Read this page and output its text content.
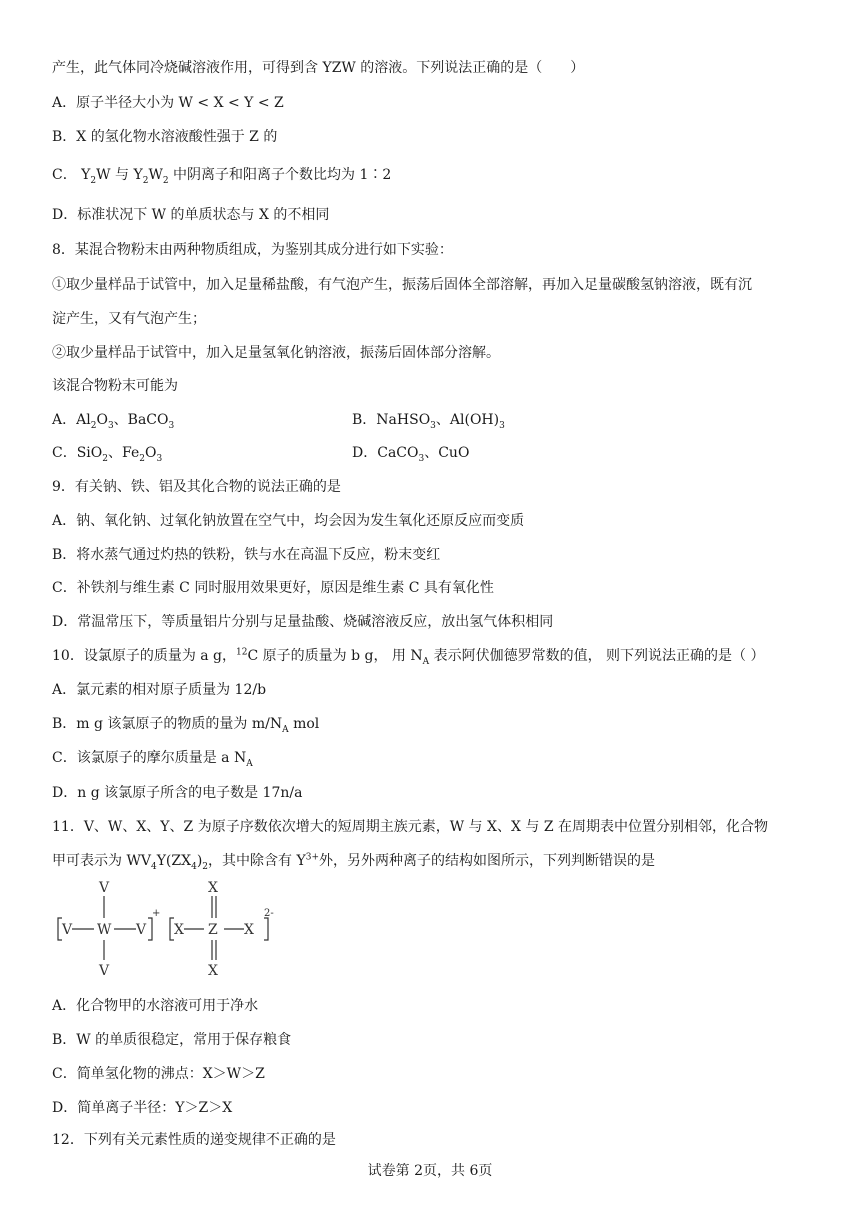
产生，此气体同冷烧碱溶液作用，可得到含 YZW 的溶液。下列说法正确的是（　　）
A．原子半径大小为 W < X < Y < Z
B．X 的氢化物水溶液酸性强于 Z 的
C． $Y_2W$ 与 $Y_2W_2$ 中阴离子和阳离子个数比均为 1∶2
D．标准状况下 W 的单质状态与 X 的不相同
8．某混合物粉末由两种物质组成，为鉴别其成分进行如下实验：
①取少量样品于试管中，加入足量稀盐酸，有气泡产生，振荡后固体全部溶解，再加入足量碳酸氢钠溶液，既有沉
淀产生，又有气泡产生；
②取少量样品于试管中，加入足量氢氧化钠溶液，振荡后固体部分溶解。
该混合物粉末可能为
A．$Al_2O_3$、BaCO$_3$	B．NaHSO$_3$、$Al(OH)_3$
C．SiO$_2$、$Fe_2O_3$	D．CaCO$_3$、CuO
9．有关钠、铁、铝及其化合物的说法正确的是
A．钠、氧化钠、过氧化钠放置在空气中，均会因为发生氧化还原反应而变质
B．将水蒸气通过灼热的铁粉，铁与水在高温下反应，粉末变红
C．补铁剂与维生素 C 同时服用效果更好，原因是维生素 C 具有氧化性
D．常温常压下，等质量铝片分别与足量盐酸、烧碱溶液反应，放出氢气体积相同
10．设氯原子的质量为 a g，$^{12}$C 原子的质量为 b g， 用 $N_A$ 表示阿伏伽德罗常数的值， 则下列说法正确的是（ ）
A．氯元素的相对原子质量为 12/b
B．m g 该氯原子的物质的量为 $m/N_A$ mol
C．该氯原子的摩尔质量是 a $N_A$
D．n g 该氯原子所含的电子数是 17n/a
11．V、W、X、Y、Z 为原子序数依次增大的短周期主族元素，W 与 X、X 与 Z 在周期表中位置分别相邻，化合物
甲可表示为 $WV_4Y(ZX_4)_2$，其中除含有 $Y^{3+}$外，另外两种离子的结构如图所示，下列判断错误的是
V
V W V
V
+
X
X Z X
X
2-
A．化合物甲的水溶液可用于净水
B．W 的单质很稳定，常用于保存粮食
C．简单氢化物的沸点：X＞W＞Z
D．简单离子半径：Y＞Z＞X
12．下列有关元素性质的递变规律不正确的是
试卷第 2页，共 6页
